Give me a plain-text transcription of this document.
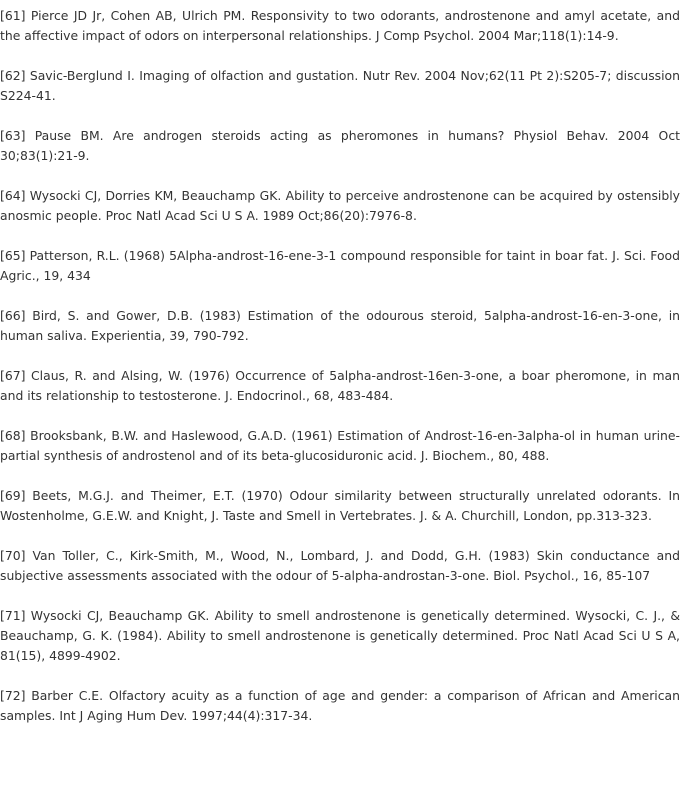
[61] Pierce JD Jr, Cohen AB, Ulrich PM. Responsivity to two odorants, androstenone and amyl acetate, and the affective impact of odors on interpersonal relationships. J Comp Psychol. 2004 Mar;118(1):14-9.

[62] Savic-Berglund I. Imaging of olfaction and gustation. Nutr Rev. 2004 Nov;62(11 Pt 2):S205-7; discussion S224-41.

[63] Pause BM. Are androgen steroids acting as pheromones in humans? Physiol Behav. 2004 Oct 30;83(1):21-9.

[64] Wysocki CJ, Dorries KM, Beauchamp GK. Ability to perceive androstenone can be acquired by ostensibly anosmic people. Proc Natl Acad Sci U S A. 1989 Oct;86(20):7976-8.

[65] Patterson, R.L. (1968) 5Alpha-androst-16-ene-3-1 compound responsible for taint in boar fat. J. Sci. Food Agric., 19, 434

[66] Bird, S. and Gower, D.B. (1983) Estimation of the odourous steroid, 5alpha-androst-16-en-3-one, in human saliva. Experientia, 39, 790-792.

[67] Claus, R. and Alsing, W. (1976) Occurrence of 5alpha-androst-16en-3-one, a boar pheromone, in man and its relationship to testosterone. J. Endocrinol., 68, 483-484.

[68] Brooksbank, B.W. and Haslewood, G.A.D. (1961) Estimation of Androst-16-en-3alpha-ol in human urine-partial synthesis of androstenol and of its beta-glucosiduronic acid. J. Biochem., 80, 488.

[69] Beets, M.G.J. and Theimer, E.T. (1970) Odour similarity between structurally unrelated odorants. In Wostenholme, G.E.W. and Knight, J. Taste and Smell in Vertebrates. J. & A. Churchill, London, pp.313-323.

[70] Van Toller, C., Kirk-Smith, M., Wood, N., Lombard, J. and Dodd, G.H. (1983) Skin conductance and subjective assessments associated with the odour of 5-alpha-androstan-3-one. Biol. Psychol., 16, 85-107

[71] Wysocki CJ, Beauchamp GK. Ability to smell androstenone is genetically determined. Wysocki, C. J., & Beauchamp, G. K. (1984). Ability to smell androstenone is genetically determined. Proc Natl Acad Sci U S A, 81(15), 4899-4902.

[72] Barber C.E. Olfactory acuity as a function of age and gender: a comparison of African and American samples. Int J Aging Hum Dev. 1997;44(4):317-34.
